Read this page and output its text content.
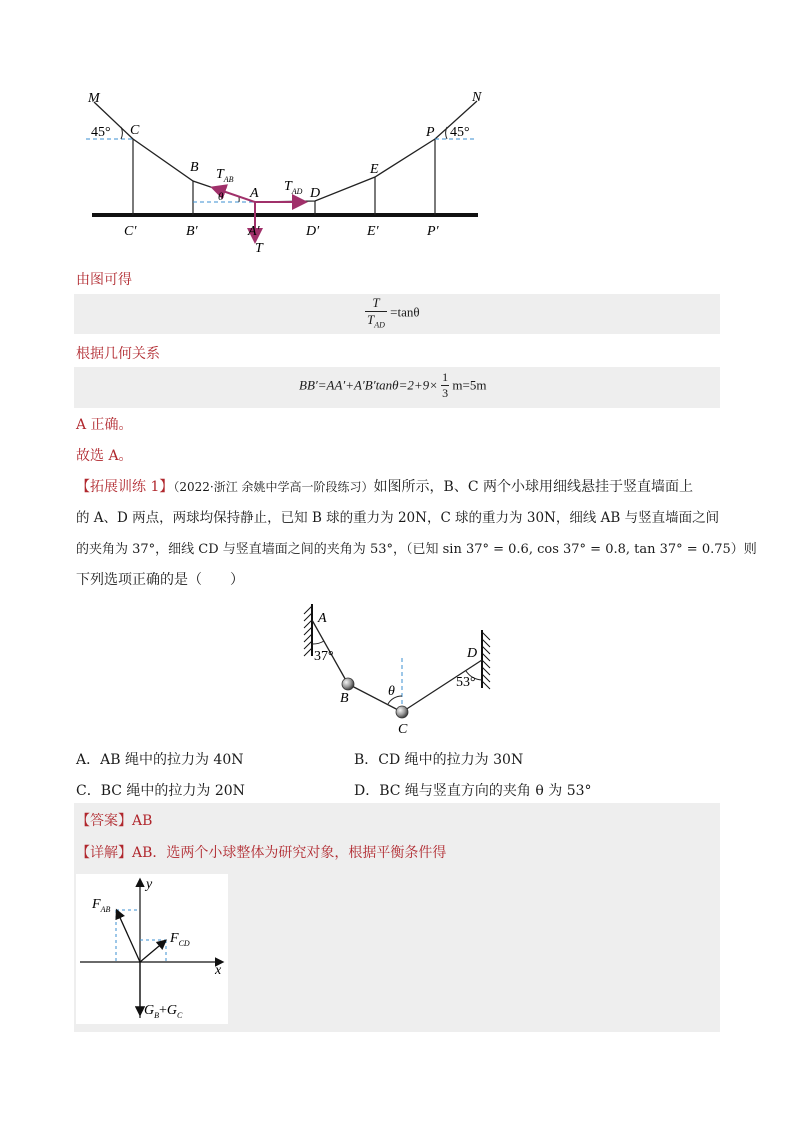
M	N
45° C	P 45°
B	E
A	D
θ
$T_{AB}$	$T_{AD}$
T
C′	B′	A′	D′	E′	P′
由图可得
T
$T_{AD}$
=tanθ
根据几何关系
$BB'=AA'+A'B'\tan\theta=2+9\times \frac{1}{3} m=5m$
A 正确。
故选 A。
【拓展训练 1】（2022·浙江 余姚中学高一阶段练习）如图所示，B、C 两个小球用细线悬挂于竖直墙面上
的 A、D 两点，两球均保持静止，已知 B 球的重力为 20N，C 球的重力为 30N，细线 AB 与竖直墙面之间
的夹角为 37°，细线 CD 与竖直墙面之间的夹角为 53°，（已知 sin 37° = 0.6, cos 37° = 0.8, tan 37° = 0.75）则
下列选项正确的是（　　）
A
37°
B	θ
C
D
53°
A．AB 绳中的拉力为 40N	B．CD 绳中的拉力为 30N
C．BC 绳中的拉力为 20N	D．BC 绳与竖直方向的夹角 θ 为 53°
【答案】AB
【详解】AB．选两个小球整体为研究对象，根据平衡条件得
y
x
$F_{AB}$
$F_{CD}$
$G_B+G_C$
